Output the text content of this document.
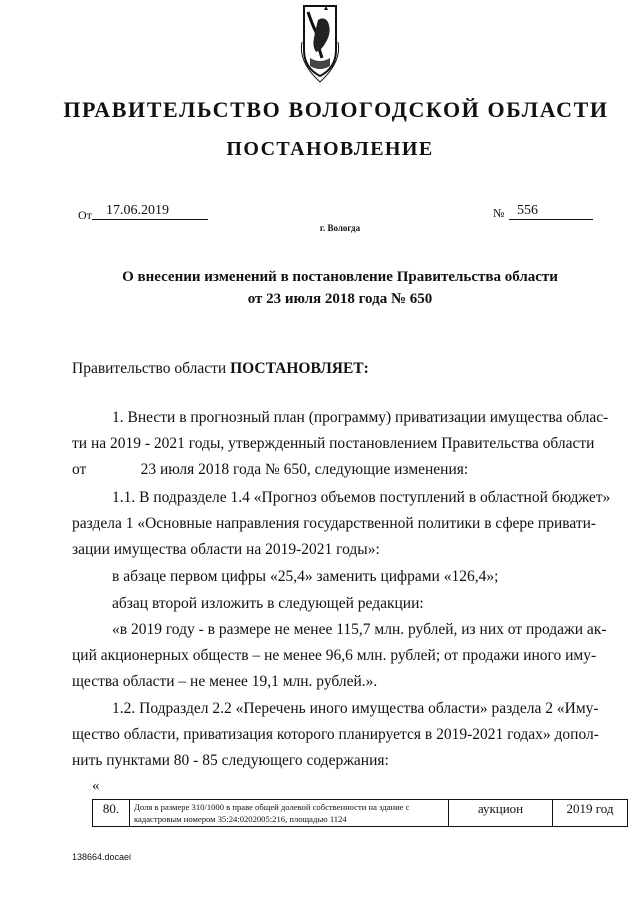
ПРАВИТЕЛЬСТВО ВОЛОГОДСКОЙ ОБЛАСТИ
ПОСТАНОВЛЕНИЕ
От	17.06.2019	№ 556
г. Вологда
О внесении изменений в постановление Правительства области
от 23 июля 2018 года № 650
Правительство области ПОСТАНОВЛЯЕТ:
1. Внести в прогнозный план (программу) приватизации имущества облас-
ти на 2019 - 2021 годы, утвержденный постановлением Правительства области
от              23 июля 2018 года № 650, следующие изменения:
1.1. В подразделе 1.4 «Прогноз объемов поступлений в областной бюджет»
раздела 1 «Основные направления государственной политики в сфере привати-
зации имущества области на 2019-2021 годы»:
в абзаце первом цифры «25,4» заменить цифрами «126,4»;
абзац второй изложить в следующей редакции:
«в 2019 году - в размере не менее 115,7 млн. рублей, из них от продажи ак-
ций акционерных обществ – не менее 96,6 млн. рублей; от продажи иного иму-
щества области – не менее 19,1 млн. рублей.».
1.2. Подраздел 2.2 «Перечень иного имущества области» раздела 2 «Иму-
щество области, приватизация которого планируется в 2019-2021 годах» допол-
нить пунктами 80 - 85 следующего содержания:
«
80.	Доля в размере 310/1000 в праве общей долевой собственности на здание с кадастровым номером 35:24:0202005:216, площадью 1124	аукцион	2019 год
138664.docaei
